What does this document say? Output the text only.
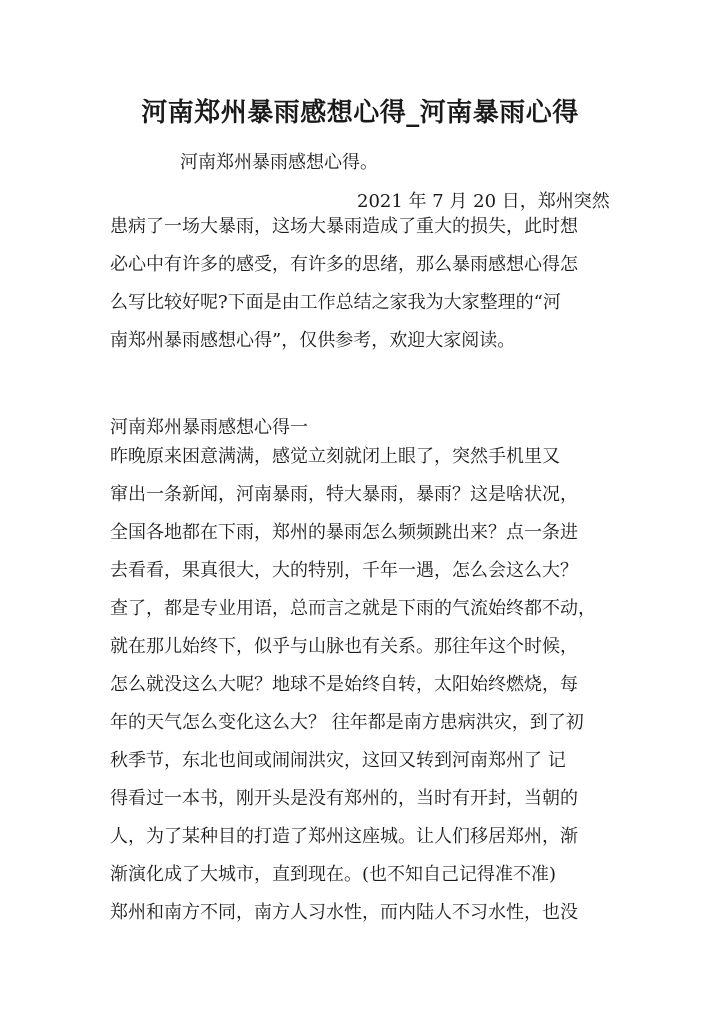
河南郑州暴雨感想心得_河南暴雨心得
河南郑州暴雨感想心得。
2021 年 7 月 20 日，郑州突然
患病了一场大暴雨，这场大暴雨造成了重大的损失，此时想
必心中有许多的感受，有许多的思绪，那么暴雨感想心得怎
么写比较好呢?下面是由工作总结之家我为大家整理的“河
南郑州暴雨感想心得”，仅供参考，欢迎大家阅读。
河南郑州暴雨感想心得一
昨晚原来困意满满，感觉立刻就闭上眼了，突然手机里又
窜出一条新闻，河南暴雨，特大暴雨，暴雨？这是啥状况，
全国各地都在下雨，郑州的暴雨怎么频频跳出来？点一条进
去看看，果真很大，大的特别，千年一遇，怎么会这么大？
查了，都是专业用语，总而言之就是下雨的气流始终都不动，
就在那儿始终下，似乎与山脉也有关系。那往年这个时候，
怎么就没这么大呢？地球不是始终自转，太阳始终燃烧，每
年的天气怎么变化这么大？ 往年都是南方患病洪灾，到了初
秋季节，东北也间或闹闹洪灾，这回又转到河南郑州了 记
得看过一本书，刚开头是没有郑州的，当时有开封，当朝的
人，为了某种目的打造了郑州这座城。让人们移居郑州，渐
渐演化成了大城市，直到现在。(也不知自己记得准不准)
郑州和南方不同，南方人习水性，而内陆人不习水性，也没
